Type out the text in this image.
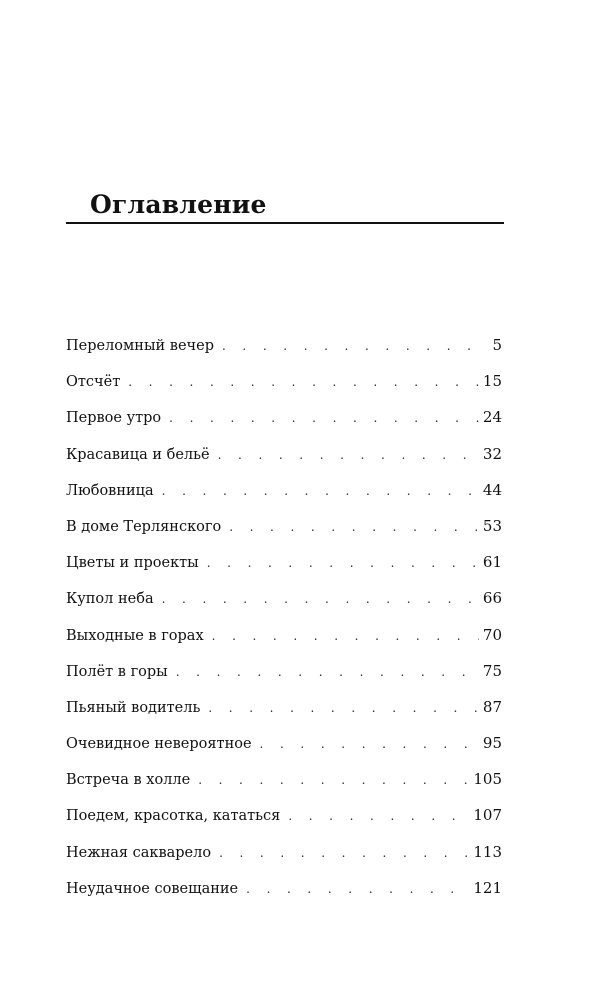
Оглавление
Переломный вечер . . .	5
Отсчёт . . .	15
Первое утро . . .	24
Красавица и бельё . . .	32
Любовница . . .	44
В доме Терлянского . . .	53
Цветы и проекты . . .	61
Купол неба . . .	66
Выходные в горах . . .	70
Полёт в горы . . .	75
Пьяный водитель . . .	87
Очевидное невероятное . . .	95
Встреча в холле . . .	105
Поедем, красотка, кататься . . .	107
Нежная сакварело . . .	113
Неудачное совещание . . .	121
